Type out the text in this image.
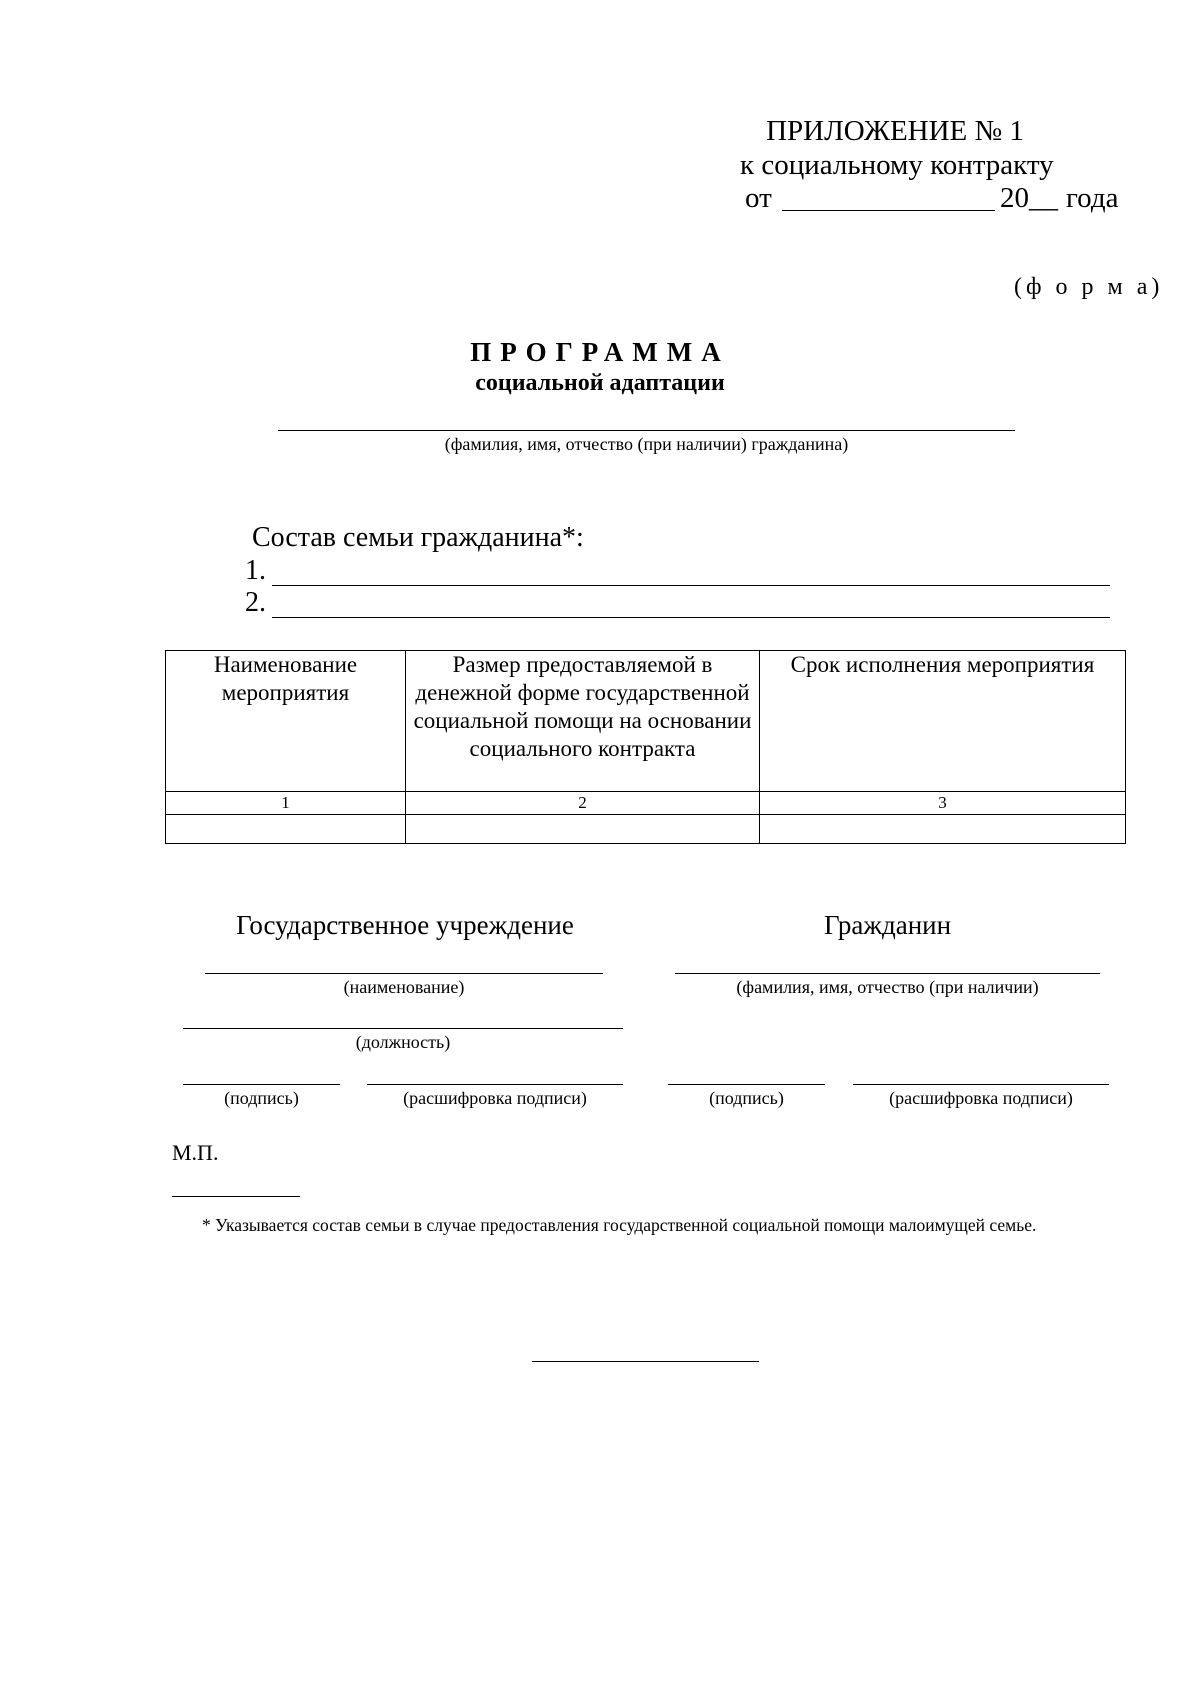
ПРИЛОЖЕНИЕ № 1
к социальному контракту
от	20__ года
(ф о р м а)
ПРОГРАММА
социальной адаптации
(фамилия, имя, отчество (при наличии) гражданина)
Состав семьи гражданина*:
1.
2.
Наименование мероприятия	Размер предоставляемой в денежной форме государственной социальной помощи на основании социального контракта	Срок исполнения мероприятия
1	2	3

Государственное учреждение
(наименование)
(должность)
(подпись)	(расшифровка подписи)
Гражданин
(фамилия, имя, отчество (при наличии)
(подпись)	(расшифровка подписи)
М.П.
* Указывается состав семьи в случае предоставления государственной социальной помощи малоимущей семье.
